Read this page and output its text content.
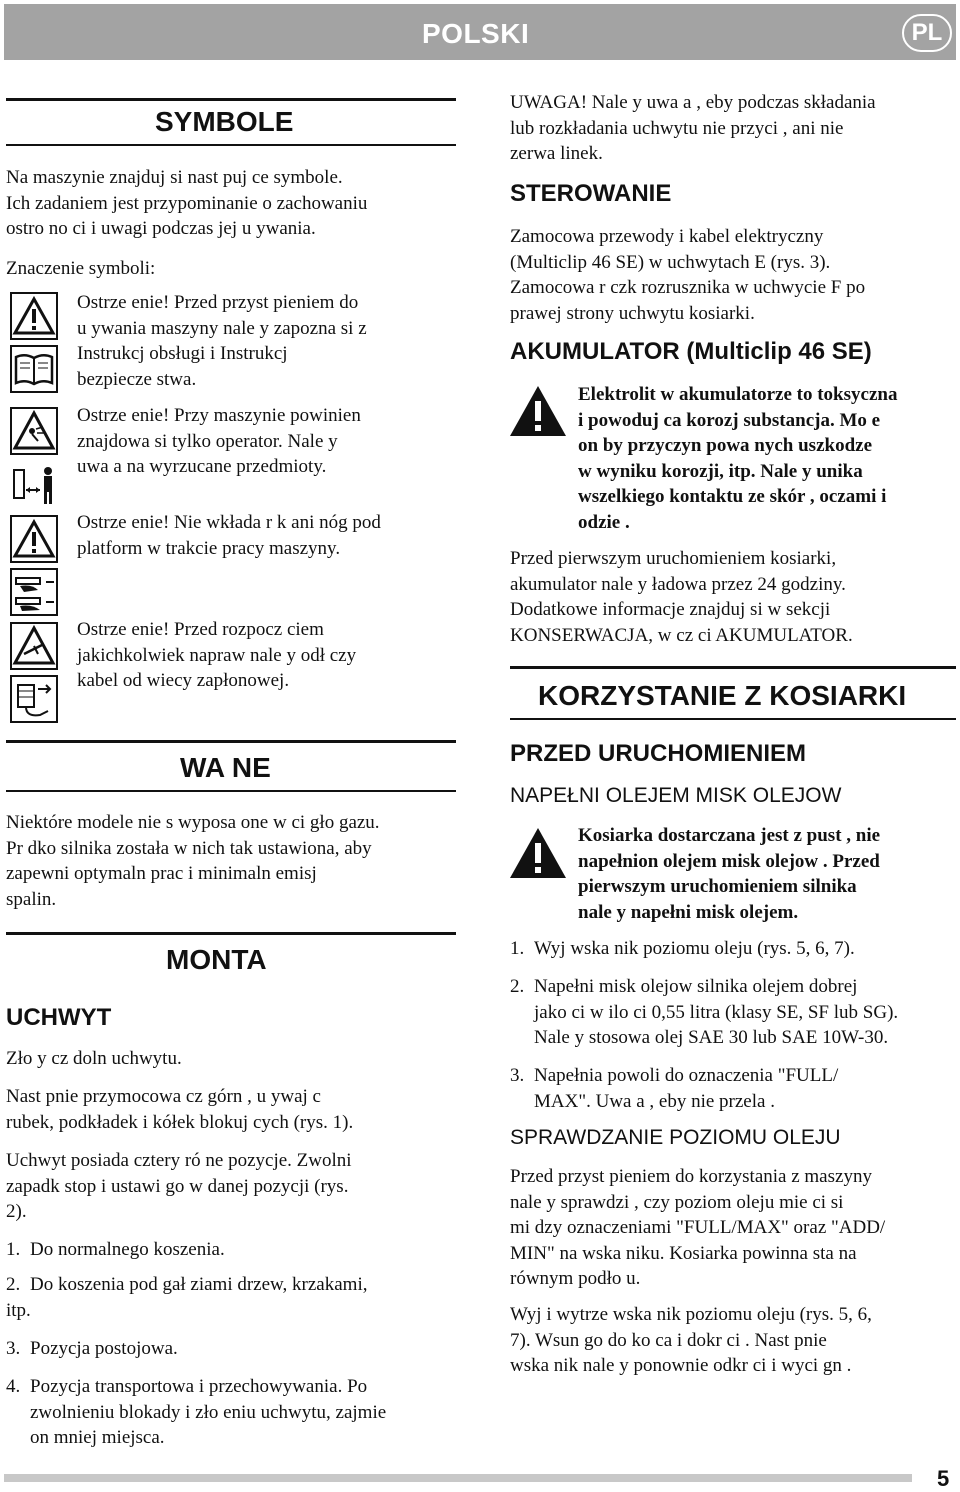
POLSKI	PL
SYMBOLE
Na maszynie znajduj si nast puj ce symbole.
Ich zadaniem jest przypominanie o zachowaniu
ostro no ci i uwagi podczas jej u ywania.
Znaczenie symboli:
Ostrze enie! Przed przyst pieniem do
u ywania maszyny nale y zapozna si z
Instrukcj obsługi i Instrukcj
bezpiecze stwa.
Ostrze enie! Przy maszynie powinien
znajdowa si tylko operator. Nale y
uwa a na wyrzucane przedmioty.
Ostrze enie! Nie wkłada r k ani nóg pod
platform w trakcie pracy maszyny.
Ostrze enie! Przed rozpocz ciem
jakichkolwiek napraw nale y odł czy
kabel od wiecy zapłonowej.
WA NE
Niektóre modele nie s wyposa one w ci gło gazu.
Pr dko silnika została w nich tak ustawiona, aby
zapewni optymaln prac i minimaln emisj
spalin.
MONTA
UCHWYT
Zło y cz doln uchwytu.
Nast pnie przymocowa cz górn , u ywaj c
rubek, podkładek i kółek blokuj cych (rys. 1).
Uchwyt posiada cztery ró ne pozycje. Zwolni
zapadk stop i ustawi go w danej pozycji (rys.
2).
1. Do normalnego koszenia.
2. Do koszenia pod gał ziami drzew, krzakami,
itp.
3. Pozycja postojowa.
4. Pozycja transportowa i przechowywania. Po
zwolnieniu blokady i zło eniu uchwytu, zajmie
on mniej miejsca.
UWAGA! Nale y uwa a , eby podczas składania
lub rozkładania uchwytu nie przyci , ani nie
zerwa linek.
STEROWANIE
Zamocowa przewody i kabel elektryczny
(Multiclip 46 SE) w uchwytach E (rys. 3).
Zamocowa r czk rozrusznika w uchwycie F po
prawej strony uchwytu kosiarki.
AKUMULATOR (Multiclip 46 SE)
Elektrolit w akumulatorze to toksyczna
i powoduj ca korozj substancja. Mo e
on by przyczyn powa nych uszkodze
w wyniku korozji, itp. Nale y unika
wszelkiego kontaktu ze skór , oczami i
odzie .
Przed pierwszym uruchomieniem kosiarki,
akumulator nale y ładowa przez 24 godziny.
Dodatkowe informacje znajduj si w sekcji
KONSERWACJA, w cz ci AKUMULATOR.
KORZYSTANIE Z KOSIARKI
PRZED URUCHOMIENIEM
NAPEŁNI OLEJEM MISK OLEJOW
Kosiarka dostarczana jest z pust , nie
napełnion olejem misk olejow . Przed
pierwszym uruchomieniem silnika
nale y napełni misk olejem.
1. Wyj wska nik poziomu oleju (rys. 5, 6, 7).
2. Napełni misk olejow silnika olejem dobrej
jako ci w ilo ci 0,55 litra (klasy SE, SF lub SG).
Nale y stosowa olej SAE 30 lub SAE 10W-30.
3. Napełnia powoli do oznaczenia "FULL/
MAX". Uwa a , eby nie przela .
SPRAWDZANIE POZIOMU OLEJU
Przed przyst pieniem do korzystania z maszyny
nale y sprawdzi , czy poziom oleju mie ci si
mi dzy oznaczeniami "FULL/MAX" oraz "ADD/
MIN" na wska niku. Kosiarka powinna sta na
równym podło u.
Wyj i wytrze wska nik poziomu oleju (rys. 5, 6,
7). Wsun go do ko ca i dokr ci . Nast pnie
wska nik nale y ponownie odkr ci i wyci gn .
5
